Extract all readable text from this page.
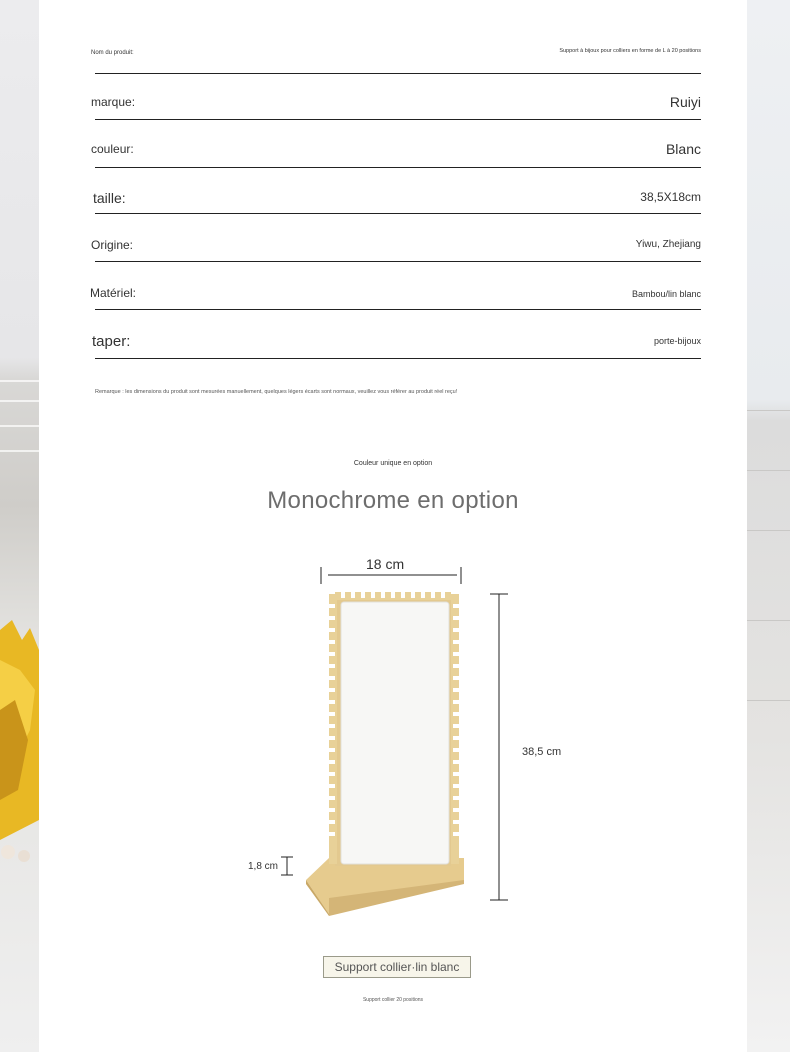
Nom du produit:	Support à bijoux pour colliers en forme de L à 20 positions
marque:	Ruiyi
couleur:	Blanc
taille:	38,5X18cm
Origine:	Yiwu, Zhejiang
Matériel:	Bambou/lin blanc
taper:	porte-bijoux
Remarque : les dimensions du produit sont mesurées manuellement, quelques légers écarts sont normaux, veuillez vous référer au produit réel reçu!
Couleur unique en option
Monochrome en option
18 cm
38,5 cm
1,8 cm
Support collier·lin blanc
Support collier 20 positions
